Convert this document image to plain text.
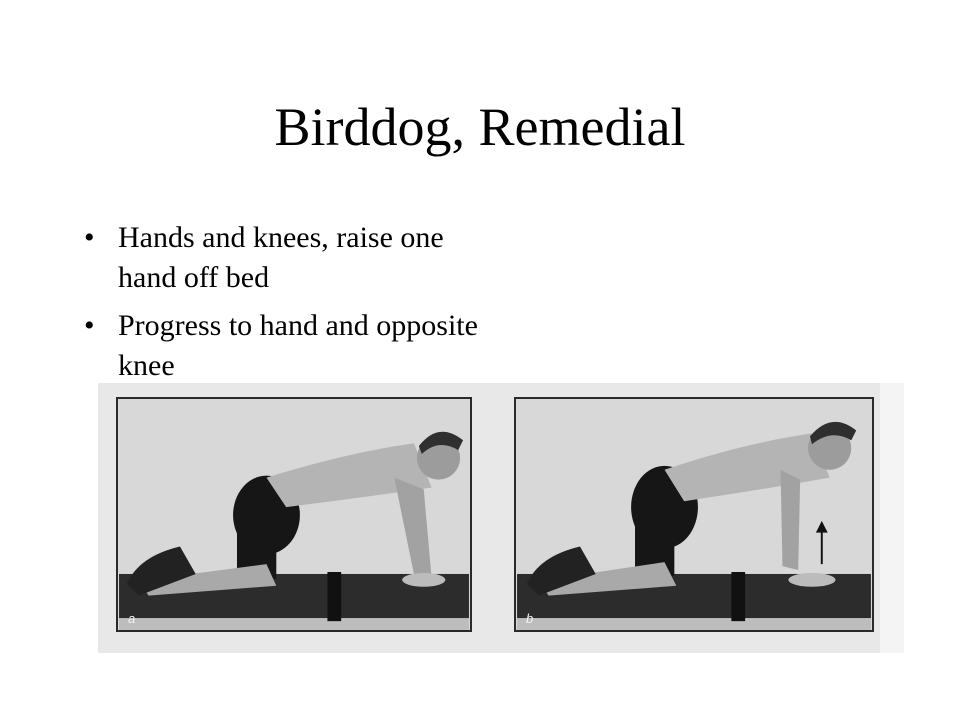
Birddog, Remedial
• Hands and knees, raise one hand off bed
• Progress to hand and opposite knee
a	b
